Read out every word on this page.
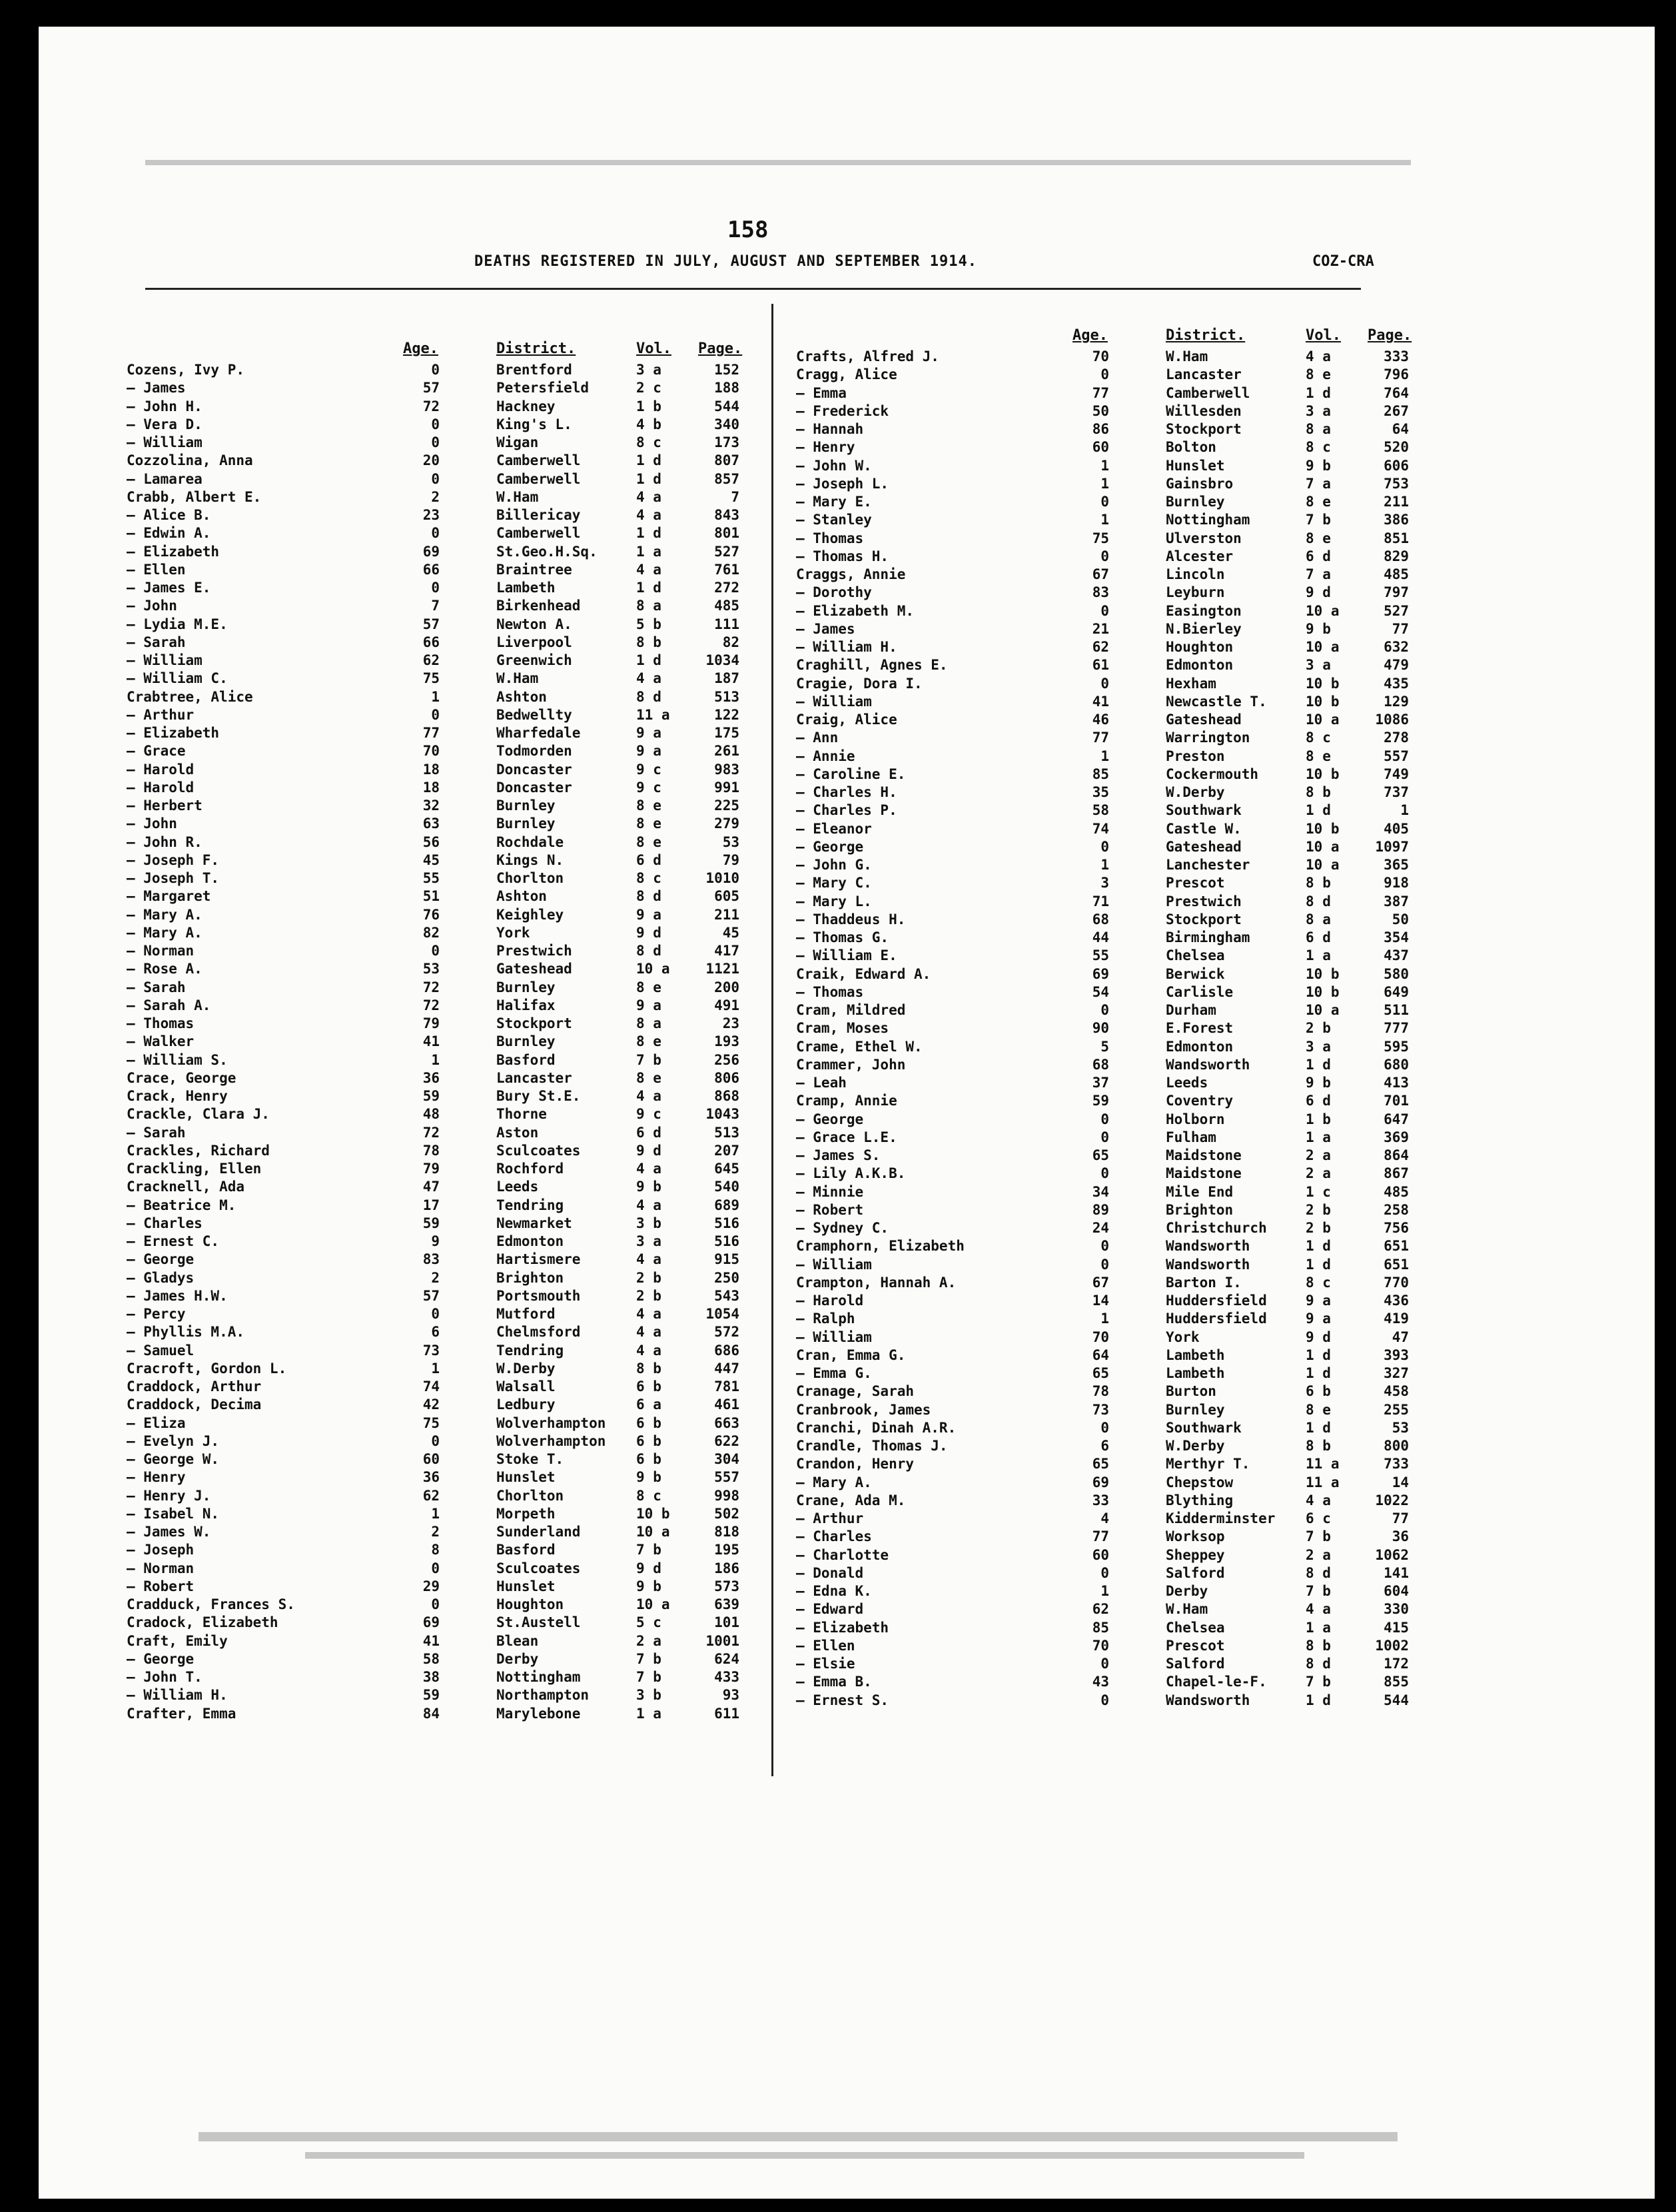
158
DEATHS REGISTERED IN JULY, AUGUST AND SEPTEMBER 1914.	COZ-CRA
Age.	District.	Vol. Page.
Cozens, Ivy P.	0	Brentford	3 a	152
— James	57	Petersfield	2 c	188
— John H.	72	Hackney	1 b	544
— Vera D.	0	King's L.	4 b	340
— William	0	Wigan	8 c	173
Cozzolina, Anna	20	Camberwell	1 d	807
— Lamarea	0	Camberwell	1 d	857
Crabb, Albert E.	2	W.Ham	4 a	7
— Alice B.	23	Billericay	4 a	843
— Edwin A.	0	Camberwell	1 d	801
— Elizabeth	69	St.Geo.H.Sq.	1 a	527
— Ellen	66	Braintree	4 a	761
— James E.	0	Lambeth	1 d	272
— John	7	Birkenhead	8 a	485
— Lydia M.E.	57	Newton A.	5 b	111
— Sarah	66	Liverpool	8 b	82
— William	62	Greenwich	1 d	1034
— William C.	75	W.Ham	4 a	187
Crabtree, Alice	1	Ashton	8 d	513
— Arthur	0	Bedwellty	11 a	122
— Elizabeth	77	Wharfedale	9 a	175
— Grace	70	Todmorden	9 a	261
— Harold	18	Doncaster	9 c	983
— Harold	18	Doncaster	9 c	991
— Herbert	32	Burnley	8 e	225
— John	63	Burnley	8 e	279
— John R.	56	Rochdale	8 e	53
— Joseph F.	45	Kings N.	6 d	79
— Joseph T.	55	Chorlton	8 c	1010
— Margaret	51	Ashton	8 d	605
— Mary A.	76	Keighley	9 a	211
— Mary A.	82	York	9 d	45
— Norman	0	Prestwich	8 d	417
— Rose A.	53	Gateshead	10 a	1121
— Sarah	72	Burnley	8 e	200
— Sarah A.	72	Halifax	9 a	491
— Thomas	79	Stockport	8 a	23
— Walker	41	Burnley	8 e	193
— William S.	1	Basford	7 b	256
Crace, George	36	Lancaster	8 e	806
Crack, Henry	59	Bury St.E.	4 a	868
Crackle, Clara J.	48	Thorne	9 c	1043
— Sarah	72	Aston	6 d	513
Crackles, Richard	78	Sculcoates	9 d	207
Crackling, Ellen	79	Rochford	4 a	645
Cracknell, Ada	47	Leeds	9 b	540
— Beatrice M.	17	Tendring	4 a	689
— Charles	59	Newmarket	3 b	516
— Ernest C.	9	Edmonton	3 a	516
— George	83	Hartismere	4 a	915
— Gladys	2	Brighton	2 b	250
— James H.W.	57	Portsmouth	2 b	543
— Percy	0	Mutford	4 a	1054
— Phyllis M.A.	6	Chelmsford	4 a	572
— Samuel	73	Tendring	4 a	686
Cracroft, Gordon L.	1	W.Derby	8 b	447
Craddock, Arthur	74	Walsall	6 b	781
Craddock, Decima	42	Ledbury	6 a	461
— Eliza	75	Wolverhampton 6 b	663
— Evelyn J.	0	Wolverhampton 6 b	622
— George W.	60	Stoke T.	6 b	304
— Henry	36	Hunslet	9 b	557
— Henry J.	62	Chorlton	8 c	998
— Isabel N.	1	Morpeth	10 b	502
— James W.	2	Sunderland	10 a	818
— Joseph	8	Basford	7 b	195
— Norman	0	Sculcoates	9 d	186
— Robert	29	Hunslet	9 b	573
Cradduck, Frances S.	0	Houghton	10 a	639
Cradock, Elizabeth	69	St.Austell	5 c	101
Craft, Emily	41	Blean	2 a	1001
— George	58	Derby	7 b	624
— John T.	38	Nottingham	7 b	433
— William H.	59	Northampton	3 b	93
Crafter, Emma	84	Marylebone	1 a	611
Age.	District.	Vol. Page.
Crafts, Alfred J.	70	W.Ham	4 a	333
Cragg, Alice	0	Lancaster	8 e	796
— Emma	77	Camberwell	1 d	764
— Frederick	50	Willesden	3 a	267
— Hannah	86	Stockport	8 a	64
— Henry	60	Bolton	8 c	520
— John W.	1	Hunslet	9 b	606
— Joseph L.	1	Gainsbro	7 a	753
— Mary E.	0	Burnley	8 e	211
— Stanley	1	Nottingham	7 b	386
— Thomas	75	Ulverston	8 e	851
— Thomas H.	0	Alcester	6 d	829
Craggs, Annie	67	Lincoln	7 a	485
— Dorothy	83	Leyburn	9 d	797
— Elizabeth M.	0	Easington	10 a	527
— James	21	N.Bierley	9 b	77
— William H.	62	Houghton	10 a	632
Craghill, Agnes E.	61	Edmonton	3 a	479
Cragie, Dora I.	0	Hexham	10 b	435
— William	41	Newcastle T.	10 b	129
Craig, Alice	46	Gateshead	10 a	1086
— Ann	77	Warrington	8 c	278
— Annie	1	Preston	8 e	557
— Caroline E.	85	Cockermouth	10 b	749
— Charles H.	35	W.Derby	8 b	737
— Charles P.	58	Southwark	1 d	1
— Eleanor	74	Castle W.	10 b	405
— George	0	Gateshead	10 a	1097
— John G.	1	Lanchester	10 a	365
— Mary C.	3	Prescot	8 b	918
— Mary L.	71	Prestwich	8 d	387
— Thaddeus H.	68	Stockport	8 a	50
— Thomas G.	44	Birmingham	6 d	354
— William E.	55	Chelsea	1 a	437
Craik, Edward A.	69	Berwick	10 b	580
— Thomas	54	Carlisle	10 b	649
Cram, Mildred	0	Durham	10 a	511
Cram, Moses	90	E.Forest	2 b	777
Crame, Ethel W.	5	Edmonton	3 a	595
Crammer, John	68	Wandsworth	1 d	680
— Leah	37	Leeds	9 b	413
Cramp, Annie	59	Coventry	6 d	701
— George	0	Holborn	1 b	647
— Grace L.E.	0	Fulham	1 a	369
— James S.	65	Maidstone	2 a	864
— Lily A.K.B.	0	Maidstone	2 a	867
— Minnie	34	Mile End	1 c	485
— Robert	89	Brighton	2 b	258
— Sydney C.	24	Christchurch	2 b	756
Cramphorn, Elizabeth	0	Wandsworth	1 d	651
— William	0	Wandsworth	1 d	651
Crampton, Hannah A.	67	Barton I.	8 c	770
— Harold	14	Huddersfield	9 a	436
— Ralph	1	Huddersfield	9 a	419
— William	70	York	9 d	47
Cran, Emma G.	64	Lambeth	1 d	393
— Emma G.	65	Lambeth	1 d	327
Cranage, Sarah	78	Burton	6 b	458
Cranbrook, James	73	Burnley	8 e	255
Cranchi, Dinah A.R.	0	Southwark	1 d	53
Crandle, Thomas J.	6	W.Derby	8 b	800
Crandon, Henry	65	Merthyr T.	11 a	733
— Mary A.	69	Chepstow	11 a	14
Crane, Ada M.	33	Blything	4 a	1022
— Arthur	4	Kidderminster 6 c	77
— Charles	77	Worksop	7 b	36
— Charlotte	60	Sheppey	2 a	1062
— Donald	0	Salford	8 d	141
— Edna K.	1	Derby	7 b	604
— Edward	62	W.Ham	4 a	330
— Elizabeth	85	Chelsea	1 a	415
— Ellen	70	Prescot	8 b	1002
— Elsie	0	Salford	8 d	172
— Emma B.	43	Chapel-le-F.	7 b	855
— Ernest S.	0	Wandsworth	1 d	544
